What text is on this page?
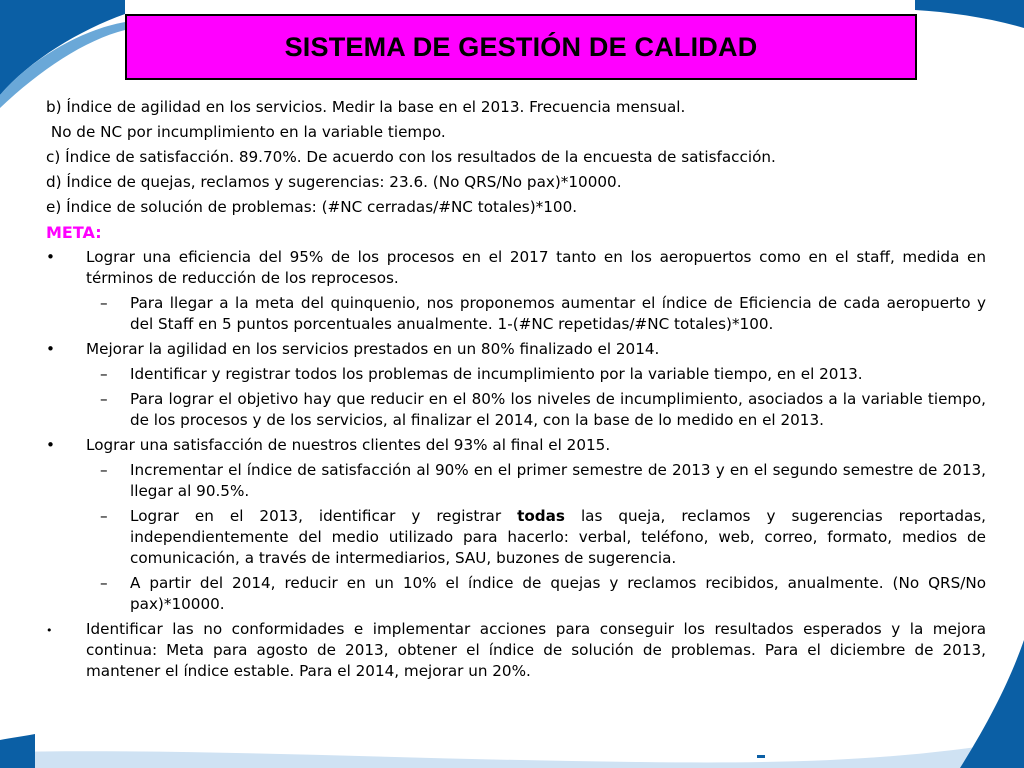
SISTEMA DE GESTIÓN DE CALIDAD
b) Índice de agilidad en los servicios. Medir la base en el 2013. Frecuencia mensual.
No de NC por incumplimiento en la variable tiempo.
c) Índice de satisfacción. 89.70%. De acuerdo con los resultados de la encuesta de satisfacción.
d) Índice de quejas, reclamos y sugerencias: 23.6. (No QRS/No pax)*10000.
e) Índice de solución de problemas: (#NC cerradas/#NC totales)*100.
META:
• Lograr una eficiencia del 95% de los procesos en el 2017 tanto en los aeropuertos como en el staff, medida en términos de reducción de los reprocesos.
– Para llegar a la meta del quinquenio, nos proponemos aumentar el índice de Eficiencia de cada aeropuerto y del Staff en 5 puntos porcentuales anualmente. 1-(#NC repetidas/#NC totales)*100.
• Mejorar la agilidad en los servicios prestados en un 80% finalizado el 2014.
– Identificar y registrar todos los problemas de incumplimiento por la variable tiempo, en el 2013.
– Para lograr el objetivo hay que reducir en el 80% los niveles de incumplimiento, asociados a la variable tiempo, de los procesos y de los servicios, al finalizar el 2014, con la base de lo medido en el 2013.
• Lograr una satisfacción de nuestros clientes del 93% al final el 2015.
– Incrementar el índice de satisfacción al 90% en el primer semestre de 2013 y en el segundo semestre de 2013, llegar al 90.5%.
– Lograr en el 2013, identificar y registrar todas las queja, reclamos y sugerencias reportadas, independientemente del medio utilizado para hacerlo: verbal, teléfono, web, correo, formato, medios de comunicación, a través de intermediarios, SAU, buzones de sugerencia.
– A partir del 2014, reducir en un 10% el índice de quejas y reclamos recibidos, anualmente. (No QRS/No pax)*10000.
• Identificar las no conformidades e implementar acciones para conseguir los resultados esperados y la mejora continua: Meta para agosto de 2013, obtener el índice de solución de problemas. Para el diciembre de 2013, mantener el índice estable. Para el 2014, mejorar un 20%.
